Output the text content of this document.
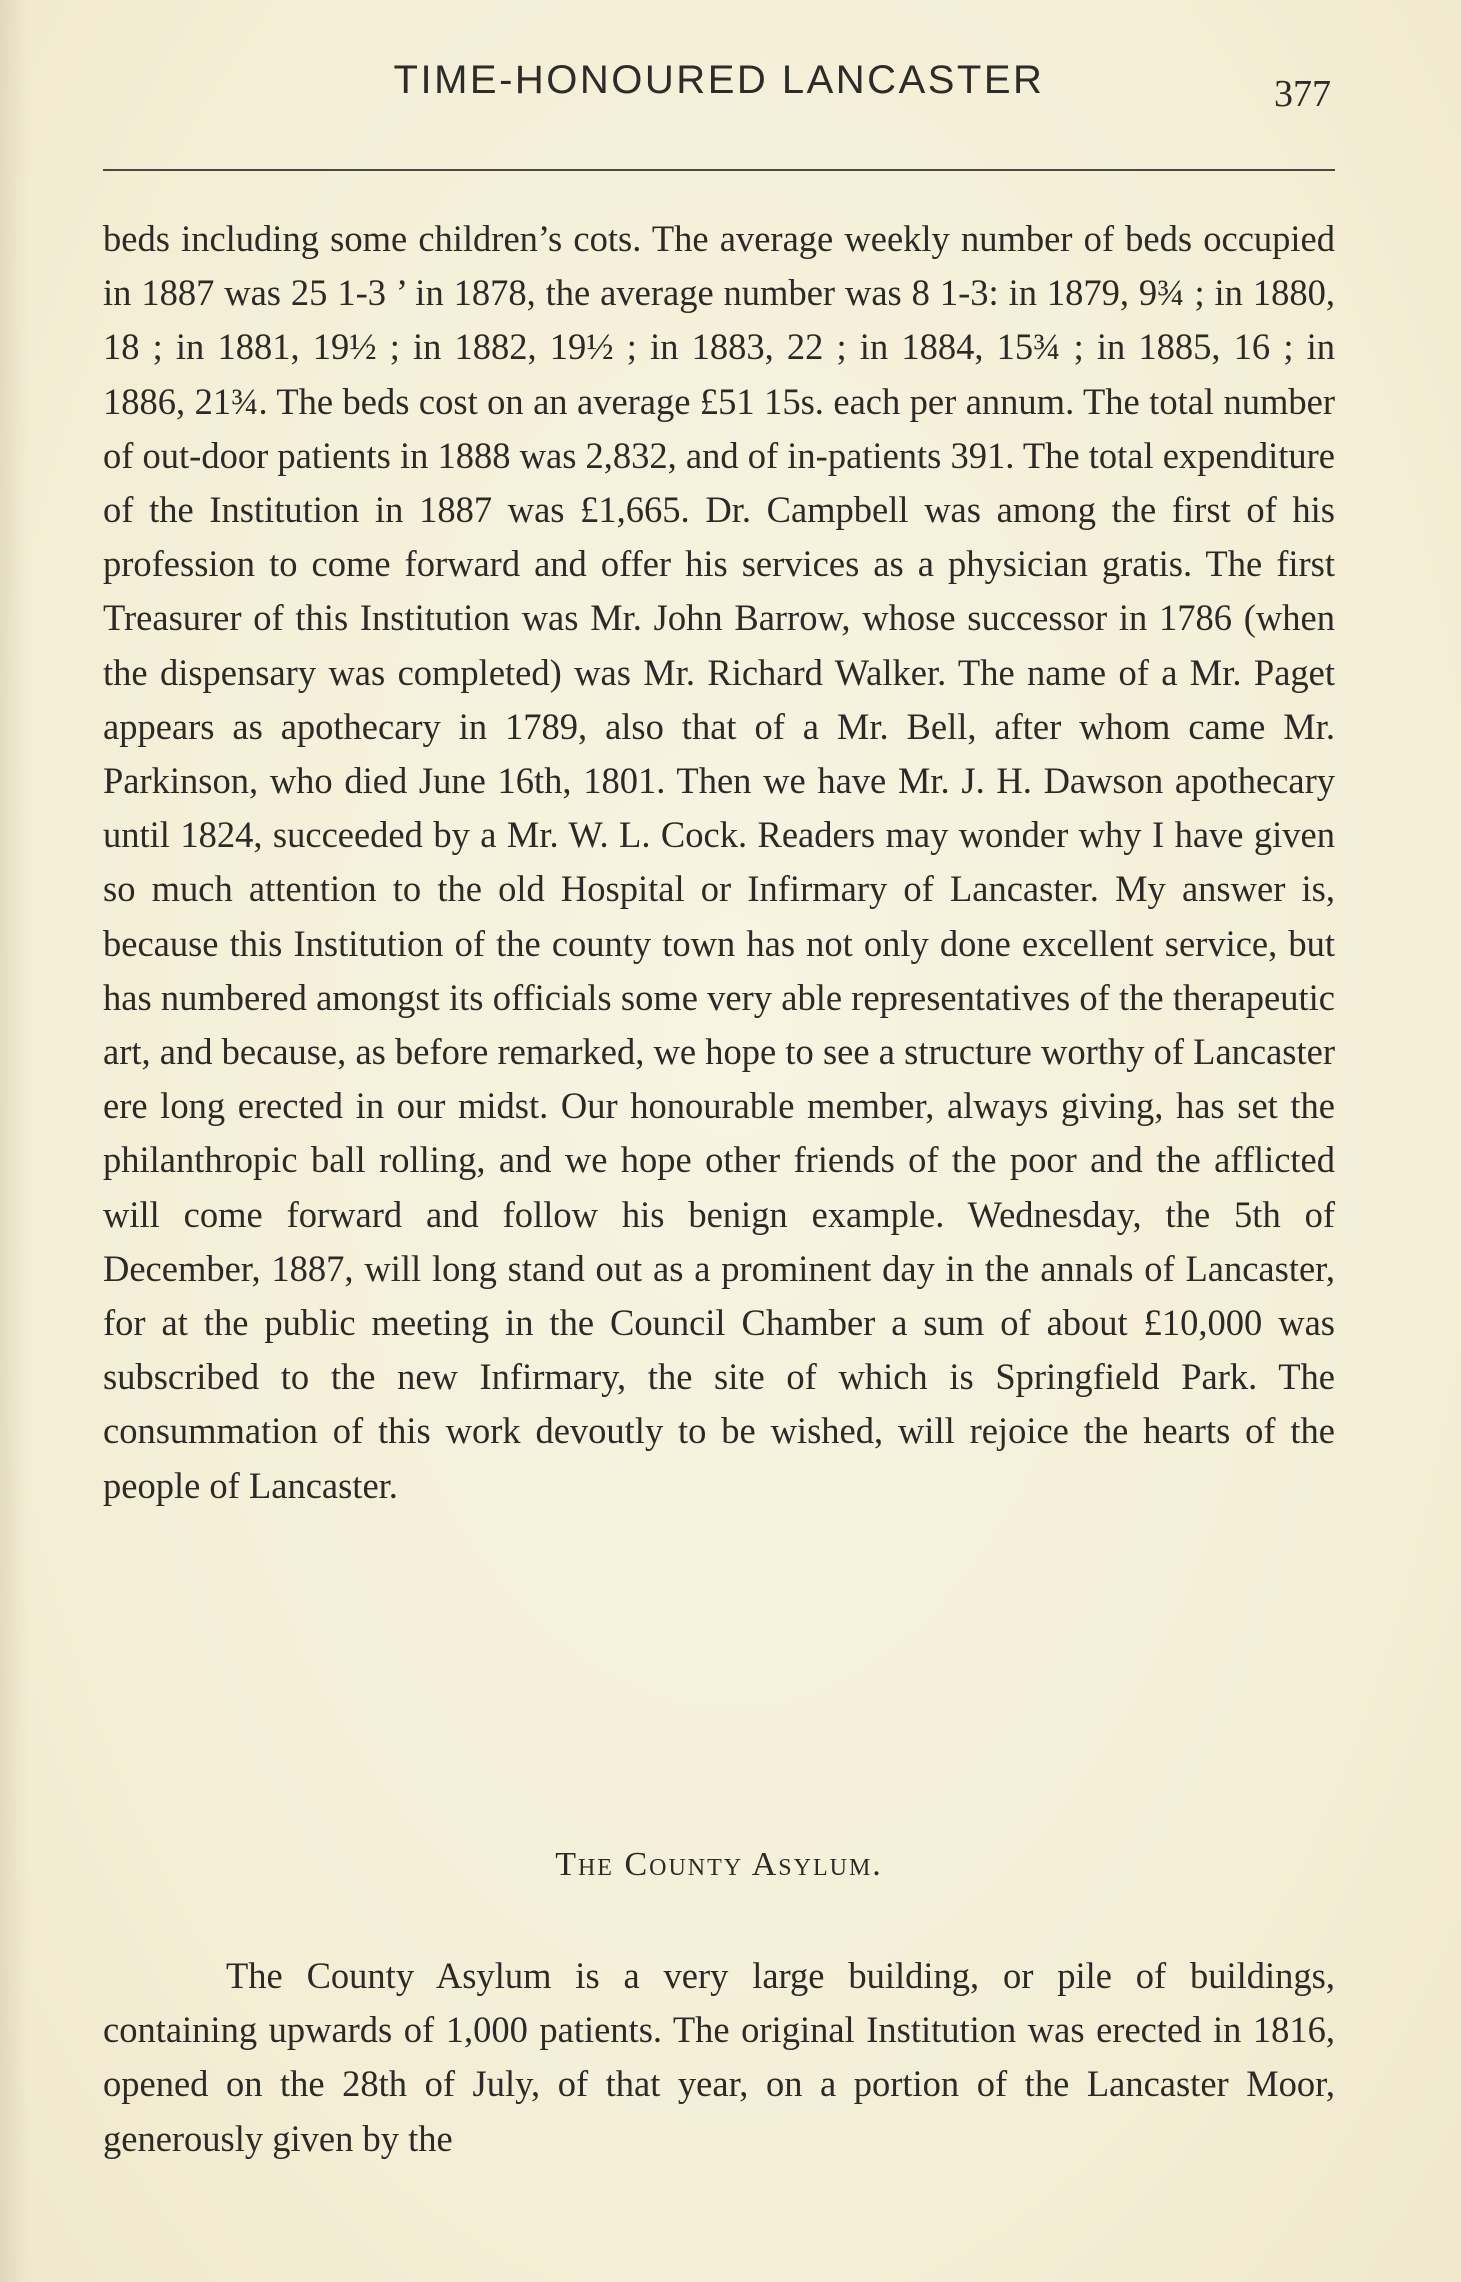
TIME-HONOURED LANCASTER	377
beds including some children’s cots. The average weekly number of beds occupied in 1887 was 25 1-3 ’ in 1878, the average number was 8 1-3: in 1879, 9¾ ; in 1880, 18 ; in 1881, 19½ ; in 1882, 19½ ; in 1883, 22 ; in 1884, 15¾ ; in 1885, 16 ; in 1886, 21¾. The beds cost on an average £51 15s. each per annum. The total number of out-door patients in 1888 was 2,832, and of in-patients 391. The total expenditure of the Institution in 1887 was £1,665. Dr. Campbell was among the first of his profession to come forward and offer his services as a physician gratis. The first Treasurer of this Institution was Mr. John Barrow, whose successor in 1786 (when the dispensary was completed) was Mr. Richard Walker. The name of a Mr. Paget appears as apothecary in 1789, also that of a Mr. Bell, after whom came Mr. Parkinson, who died June 16th, 1801. Then we have Mr. J. H. Dawson apothecary until 1824, succeeded by a Mr. W. L. Cock. Readers may wonder why I have given so much attention to the old Hospital or Infirmary of Lancaster. My answer is, because this Institution of the county town has not only done excellent service, but has numbered amongst its officials some very able representatives of the therapeutic art, and because, as before remarked, we hope to see a structure worthy of Lancaster ere long erected in our midst. Our honourable member, always giving, has set the philanthropic ball rolling, and we hope other friends of the poor and the afflicted will come forward and follow his benign example. Wednesday, the 5th of December, 1887, will long stand out as a prominent day in the annals of Lancaster, for at the public meeting in the Council Chamber a sum of about £10,000 was subscribed to the new Infirmary, the site of which is Springfield Park. The consummation of this work devoutly to be wished, will rejoice the hearts of the people of Lancaster.
The County Asylum.
The County Asylum is a very large building, or pile of buildings, containing upwards of 1,000 patients. The original Institution was erected in 1816, opened on the 28th of July, of that year, on a portion of the Lancaster Moor, generously given by the
